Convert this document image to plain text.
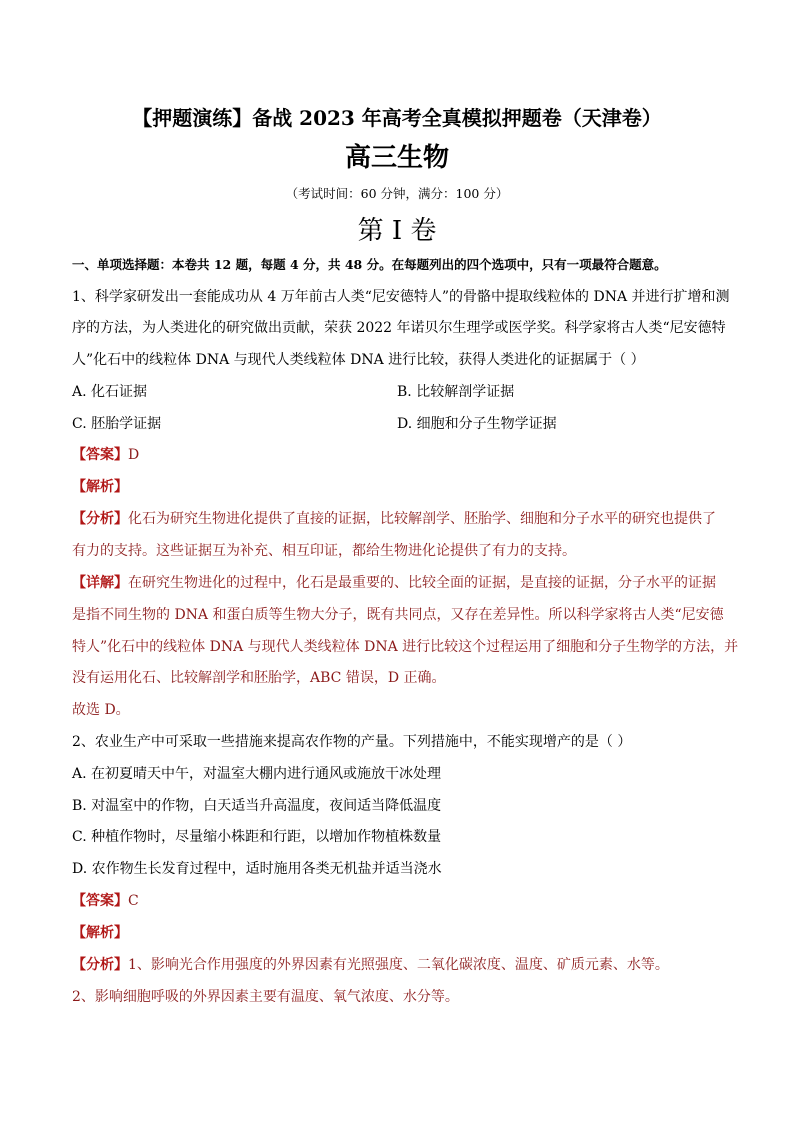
【押题演练】备战 2023 年高考全真模拟押题卷（天津卷）
高三生物
（考试时间：60 分钟，满分：100 分）
第 I 卷
一、单项选择题：本卷共 12 题，每题 4 分，共 48 分。在每题列出的四个选项中，只有一项最符合题意。
1、科学家研发出一套能成功从 4 万年前古人类“尼安德特人”的骨骼中提取线粒体的 DNA 并进行扩增和测
序的方法，为人类进化的研究做出贡献，荣获 2022 年诺贝尔生理学或医学奖。科学家将古人类“尼安德特
人”化石中的线粒体 DNA 与现代人类线粒体 DNA 进行比较，获得人类进化的证据属于（ ）
A. 化石证据	B. 比较解剖学证据
C. 胚胎学证据	D. 细胞和分子生物学证据
【答案】D
【解析】
【分析】化石为研究生物进化提供了直接的证据，比较解剖学、胚胎学、细胞和分子水平的研究也提供了
有力的支持。这些证据互为补充、相互印证，都给生物进化论提供了有力的支持。
【详解】在研究生物进化的过程中，化石是最重要的、比较全面的证据，是直接的证据，分子水平的证据
是指不同生物的 DNA 和蛋白质等生物大分子，既有共同点，又存在差异性。所以科学家将古人类“尼安德
特人”化石中的线粒体 DNA 与现代人类线粒体 DNA 进行比较这个过程运用了细胞和分子生物学的方法，并
没有运用化石、比较解剖学和胚胎学，ABC 错误，D 正确。
故选 D。
2、农业生产中可采取一些措施来提高农作物的产量。下列措施中，不能实现增产的是（ ）
A. 在初夏晴天中午，对温室大棚内进行通风或施放干冰处理
B. 对温室中的作物，白天适当升高温度，夜间适当降低温度
C. 种植作物时，尽量缩小株距和行距，以增加作物植株数量
D. 农作物生长发育过程中，适时施用各类无机盐并适当浇水
【答案】C
【解析】
【分析】1、影响光合作用强度的外界因素有光照强度、二氧化碳浓度、温度、矿质元素、水等。
2、影响细胞呼吸的外界因素主要有温度、氧气浓度、水分等。
